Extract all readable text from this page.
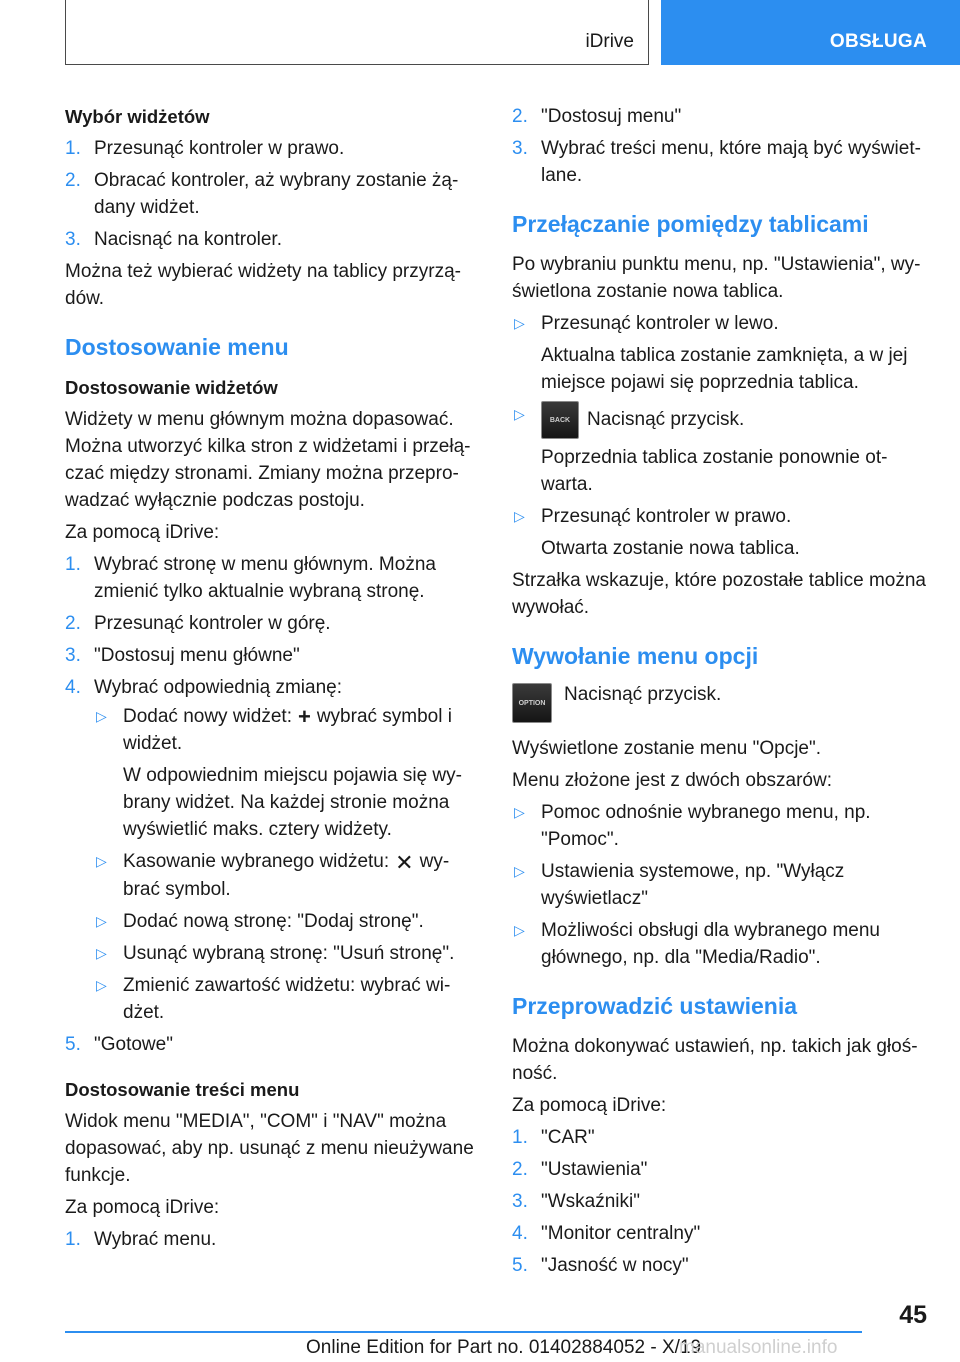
iDrive	OBSŁUGA
Wybór widżetów
1. Przesunąć kontroler w prawo.
2. Obracać kontroler, aż wybrany zostanie żą-dany widżet.
3. Nacisnąć na kontroler.

Można też wybierać widżety na tablicy przyrzą-dów.

Dostosowanie menu
Dostosowanie widżetów

Widżety w menu głównym można dopasować. Można utworzyć kilka stron z widżetami i przełą-czać między stronami. Zmiany można przepro-wadzać wyłącznie podczas postoju.

Za pomocą iDrive:

1. Wybrać stronę w menu głównym. Można zmienić tylko aktualnie wybraną stronę.
2. Przesunąć kontroler w górę.
3. "Dostosuj menu główne"
4. Wybrać odpowiednią zmianę:
▷ Dodać nowy widżet: + wybrać symbol i widżet.
W odpowiednim miejscu pojawia się wy-brany widżet. Na każdej stronie można wyświetlić maks. cztery widżety.
▷ Kasowanie wybranego widżetu: ✕ wy-brać symbol.
▷ Dodać nową stronę: "Dodaj stronę".
▷ Usunąć wybraną stronę: "Usuń stronę".
▷ Zmienić zawartość widżetu: wybrać wi-dżet.
5. "Gotowe"
Dostosowanie treści menu

Widok menu "MEDIA", "COM" i "NAV" można dopasować, aby np. usunąć z menu nieużywane funkcje.

Za pomocą iDrive:

1. Wybrać menu.
2. "Dostosuj menu"
3. Wybrać treści menu, które mają być wyświet-lane.
Przełączanie pomiędzy tablicami

Po wybraniu punktu menu, np. "Ustawienia", wy-świetlona zostanie nowa tablica.

▷ Przesunąć kontroler w lewo.
Aktualna tablica zostanie zamknięta, a w jej miejsce pojawi się poprzednia tablica.
▷	BACK Nacisnąć przycisk.
Poprzednia tablica zostanie ponownie ot-warta.
▷ Przesunąć kontroler w prawo.
Otwarta zostanie nowa tablica.

Strzałka wskazuje, które pozostałe tablice można wywołać.

Wywołanie menu opcji
OPTION Nacisnąć przycisk.

Wyświetlone zostanie menu "Opcje".

Menu złożone jest z dwóch obszarów:

▷ Pomoc odnośnie wybranego menu, np. "Pomoc".
▷ Ustawienia systemowe, np. "Wyłącz wyświetlacz"
▷ Możliwości obsługi dla wybranego menu głównego, np. dla "Media/Radio".
Przeprowadzić ustawienia

Można dokonywać ustawień, np. takich jak głoś-ność.

Za pomocą iDrive:

1. "CAR"
2. "Ustawienia"
3. "Wskaźniki"
4. "Monitor centralny"
5. "Jasność w nocy"
45
Online Edition for Part no. 01402884052 - X/19
manualsonline.info
